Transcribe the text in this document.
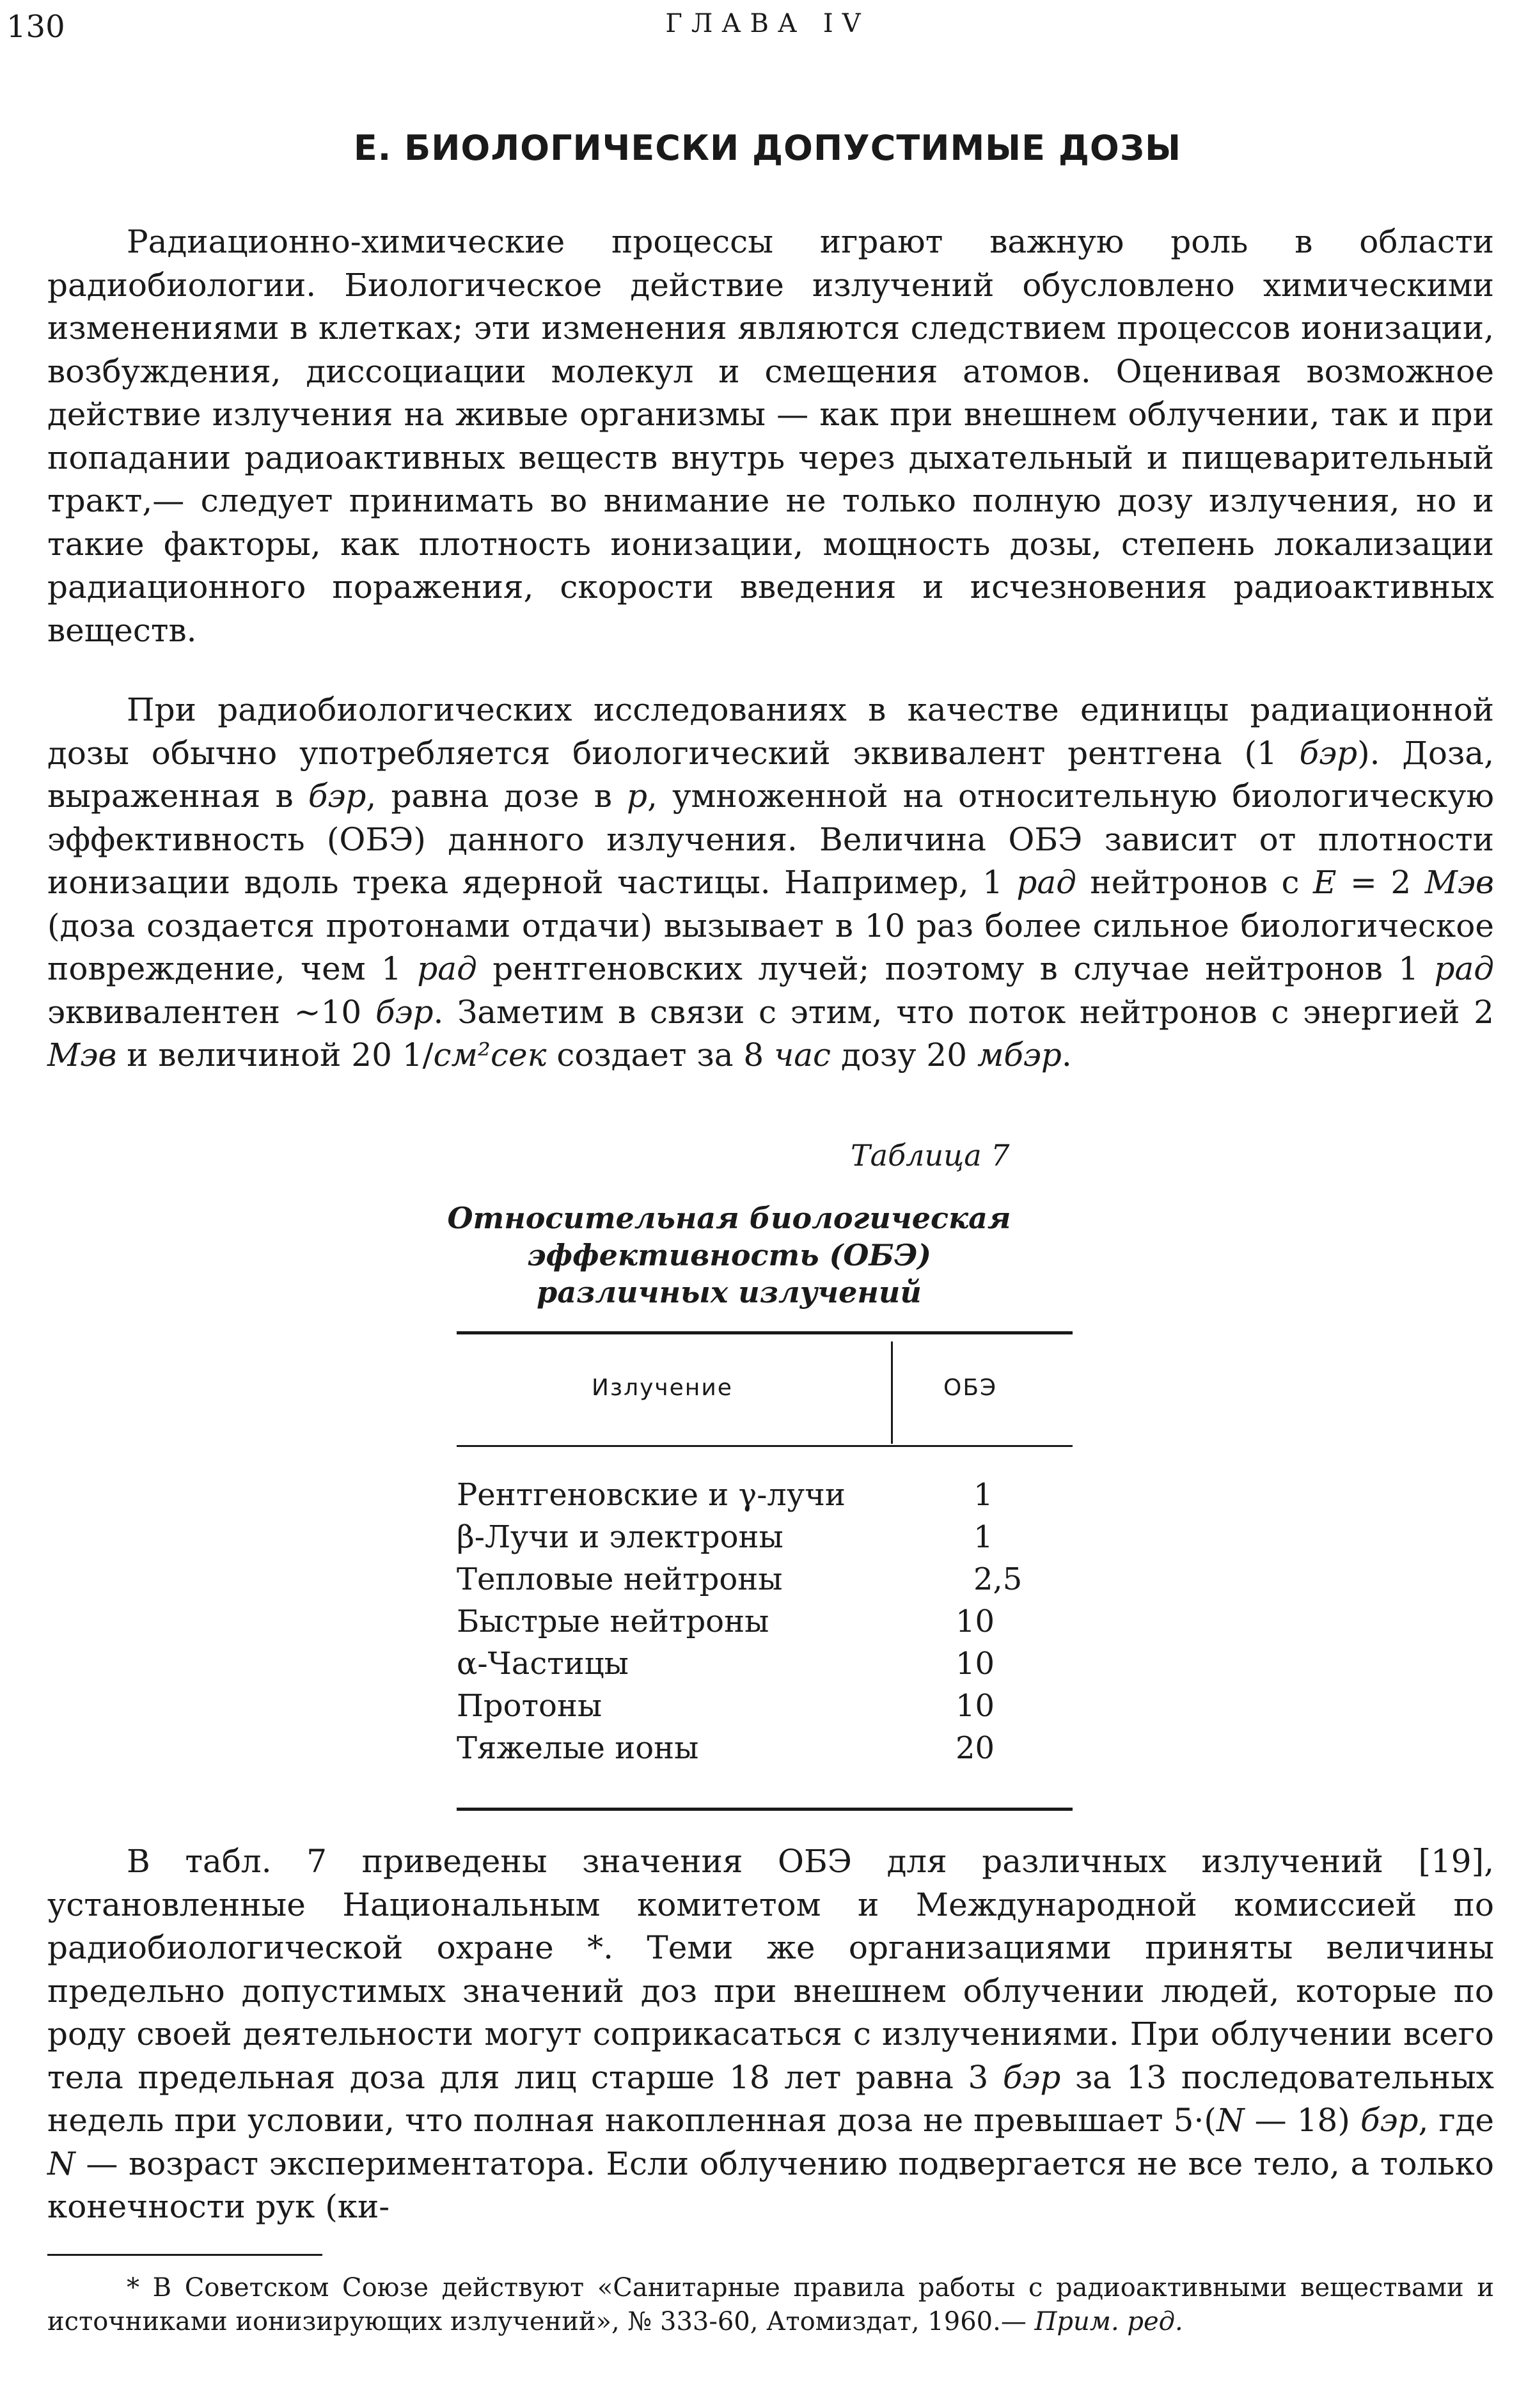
130	ГЛАВА IV
Е. БИОЛОГИЧЕСКИ ДОПУСТИМЫЕ ДОЗЫ

Радиационно-химические процессы играют важную роль в области радиобиологии. Биологическое действие излучений обусловлено химическими изменениями в клетках; эти изменения являются следствием процессов ионизации, возбуждения, диссоциации молекул и смещения атомов. Оценивая возможное действие излучения на живые организмы — как при внешнем облучении, так и при попадании радиоактивных веществ внутрь через дыхательный и пищеварительный тракт,— следует принимать во внимание не только полную дозу излучения, но и такие факторы, как плотность ионизации, мощность дозы, степень локализации радиационного поражения, скорости введения и исчезновения радиоактивных веществ.

При радиобиологических исследованиях в качестве единицы радиационной дозы обычно употребляется биологический эквивалент рентгена (1 бэр). Доза, выраженная в бэр, равна дозе в р, умноженной на относительную биологическую эффективность (ОБЭ) данного излучения. Величина ОБЭ зависит от плотности ионизации вдоль трека ядерной частицы. Например, 1 рад нейтронов с E = 2 Мэв (доза создается протонами отдачи) вызывает в 10 раз более сильное биологическое повреждение, чем 1 рад рентгеновских лучей; поэтому в случае нейтронов 1 рад эквивалентен ~10 бэр. Заметим в связи с этим, что поток нейтронов с энергией 2 Мэв и величиной 20 1/см²сек создает за 8 час дозу 20 мбэр.

Таблица 7
Относительная биологическая
эффективность (ОБЭ)
различных излучений
Излучение	ОБЭ
Рентгеновские и γ-лучи	1
β-Лучи и электроны	1
Тепловые нейтроны	2,5
Быстрые нейтроны	10
α-Частицы	10
Протоны	10
Тяжелые ионы	20

В табл. 7 приведены значения ОБЭ для различных излучений [19], установленные Национальным комитетом и Международной комиссией по радиобиологической охране *. Теми же организациями приняты величины предельно допустимых значений доз при внешнем облучении людей, которые по роду своей деятельности могут соприкасаться с излучениями. При облучении всего тела предельная доза для лиц старше 18 лет равна 3 бэр за 13 последовательных недель при условии, что полная накопленная доза не превышает 5·(N — 18) бэр, где N — возраст экспериментатора. Если облучению подвергается не все тело, а только конечности рук (ки-

* В Советском Союзе действуют «Санитарные правила работы с радиоактивными веществами и источниками ионизирующих излучений», № 333-60, Атомиздат, 1960.— Прим. ред.
